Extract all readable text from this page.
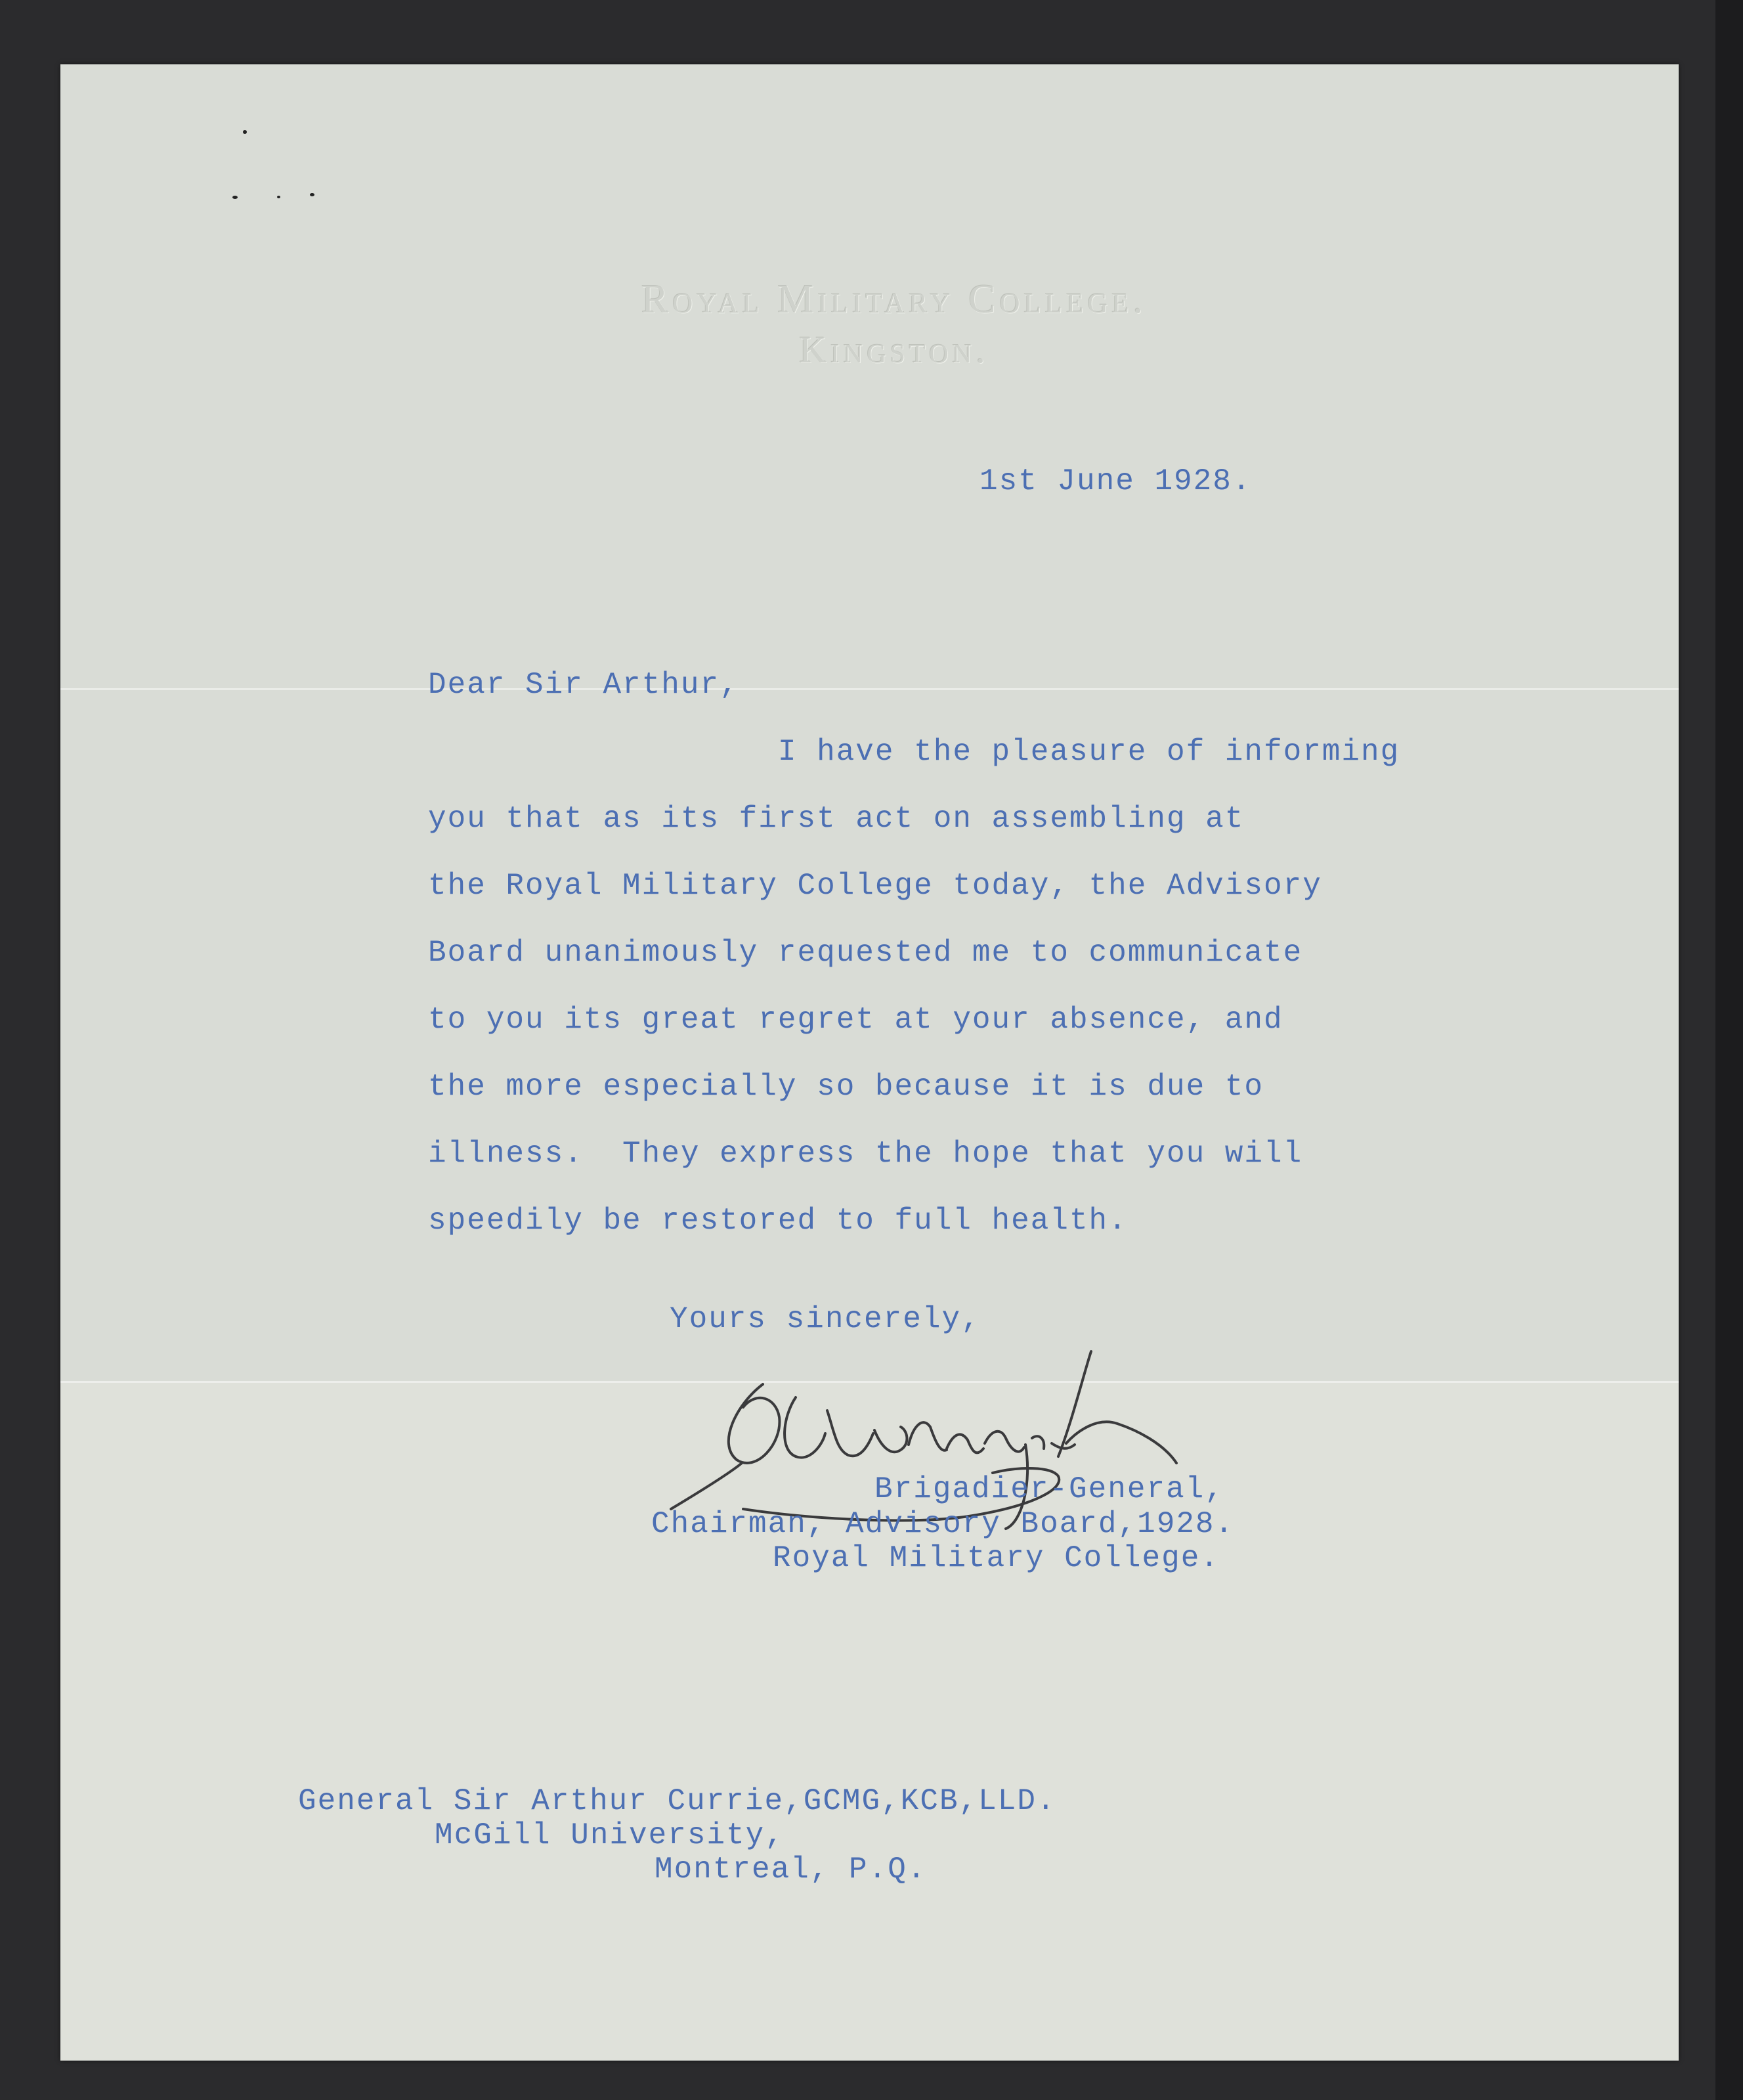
Royal Military College.
Kingston.
1st June 1928.
Dear Sir Arthur,
I have the pleasure of informing
you that as its first act on assembling at
the Royal Military College today, the Advisory
Board unanimously requested me to communicate
to you its great regret at your absence, and
the more especially so because it is due to
illness.  They express the hope that you will
speedily be restored to full health.
Yours sincerely,
Brigadier-General,
Chairman, Advisory Board,1928.
Royal Military College.
General Sir Arthur Currie,GCMG,KCB,LLD.
McGill University,
Montreal, P.Q.
